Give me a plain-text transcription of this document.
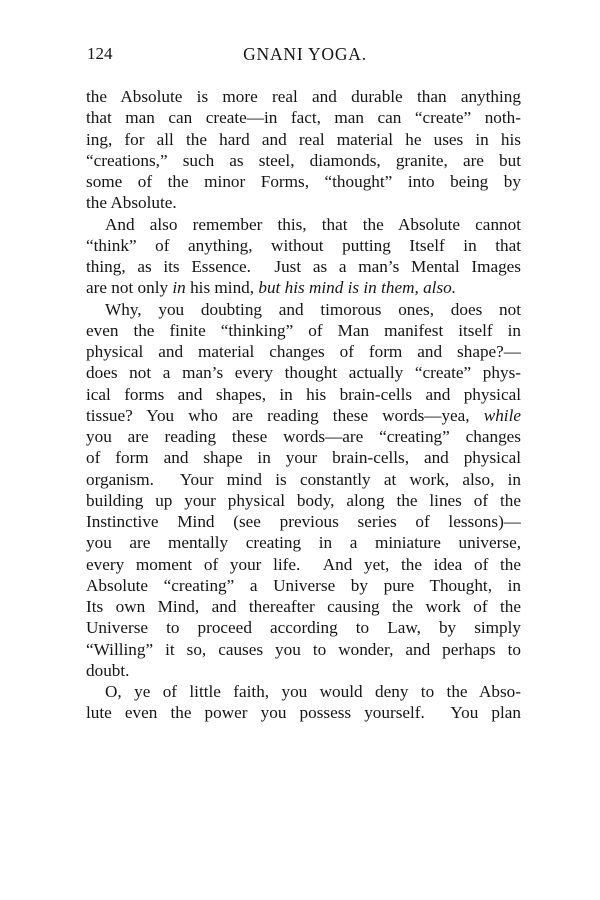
124	GNANI YOGA.
the Absolute is more real and durable than anything
that man can create—in fact, man can “create” noth-
ing, for all the hard and real material he uses in his
“creations,” such as steel, diamonds, granite, are but
some of the minor Forms, “thought” into being by
the Absolute.
And also remember this, that the Absolute cannot
“think” of anything, without putting Itself in that
thing, as its Essence.  Just as a man’s Mental Images
are not only in his mind, but his mind is in them, also.
Why, you doubting and timorous ones, does not
even the finite “thinking” of Man manifest itself in
physical and material changes of form and shape?—
does not a man’s every thought actually “create” phys-
ical forms and shapes, in his brain-cells and physical
tissue? You who are reading these words—yea, while
you are reading these words—are “creating” changes
of form and shape in your brain-cells, and physical
organism.  Your mind is constantly at work, also, in
building up your physical body, along the lines of the
Instinctive Mind (see previous series of lessons)—
you are mentally creating in a miniature universe,
every moment of your life.  And yet, the idea of the
Absolute “creating” a Universe by pure Thought, in
Its own Mind, and thereafter causing the work of the
Universe to proceed according to Law, by simply
“Willing” it so, causes you to wonder, and perhaps to
doubt.
O, ye of little faith, you would deny to the Abso-
lute even the power you possess yourself.  You plan
